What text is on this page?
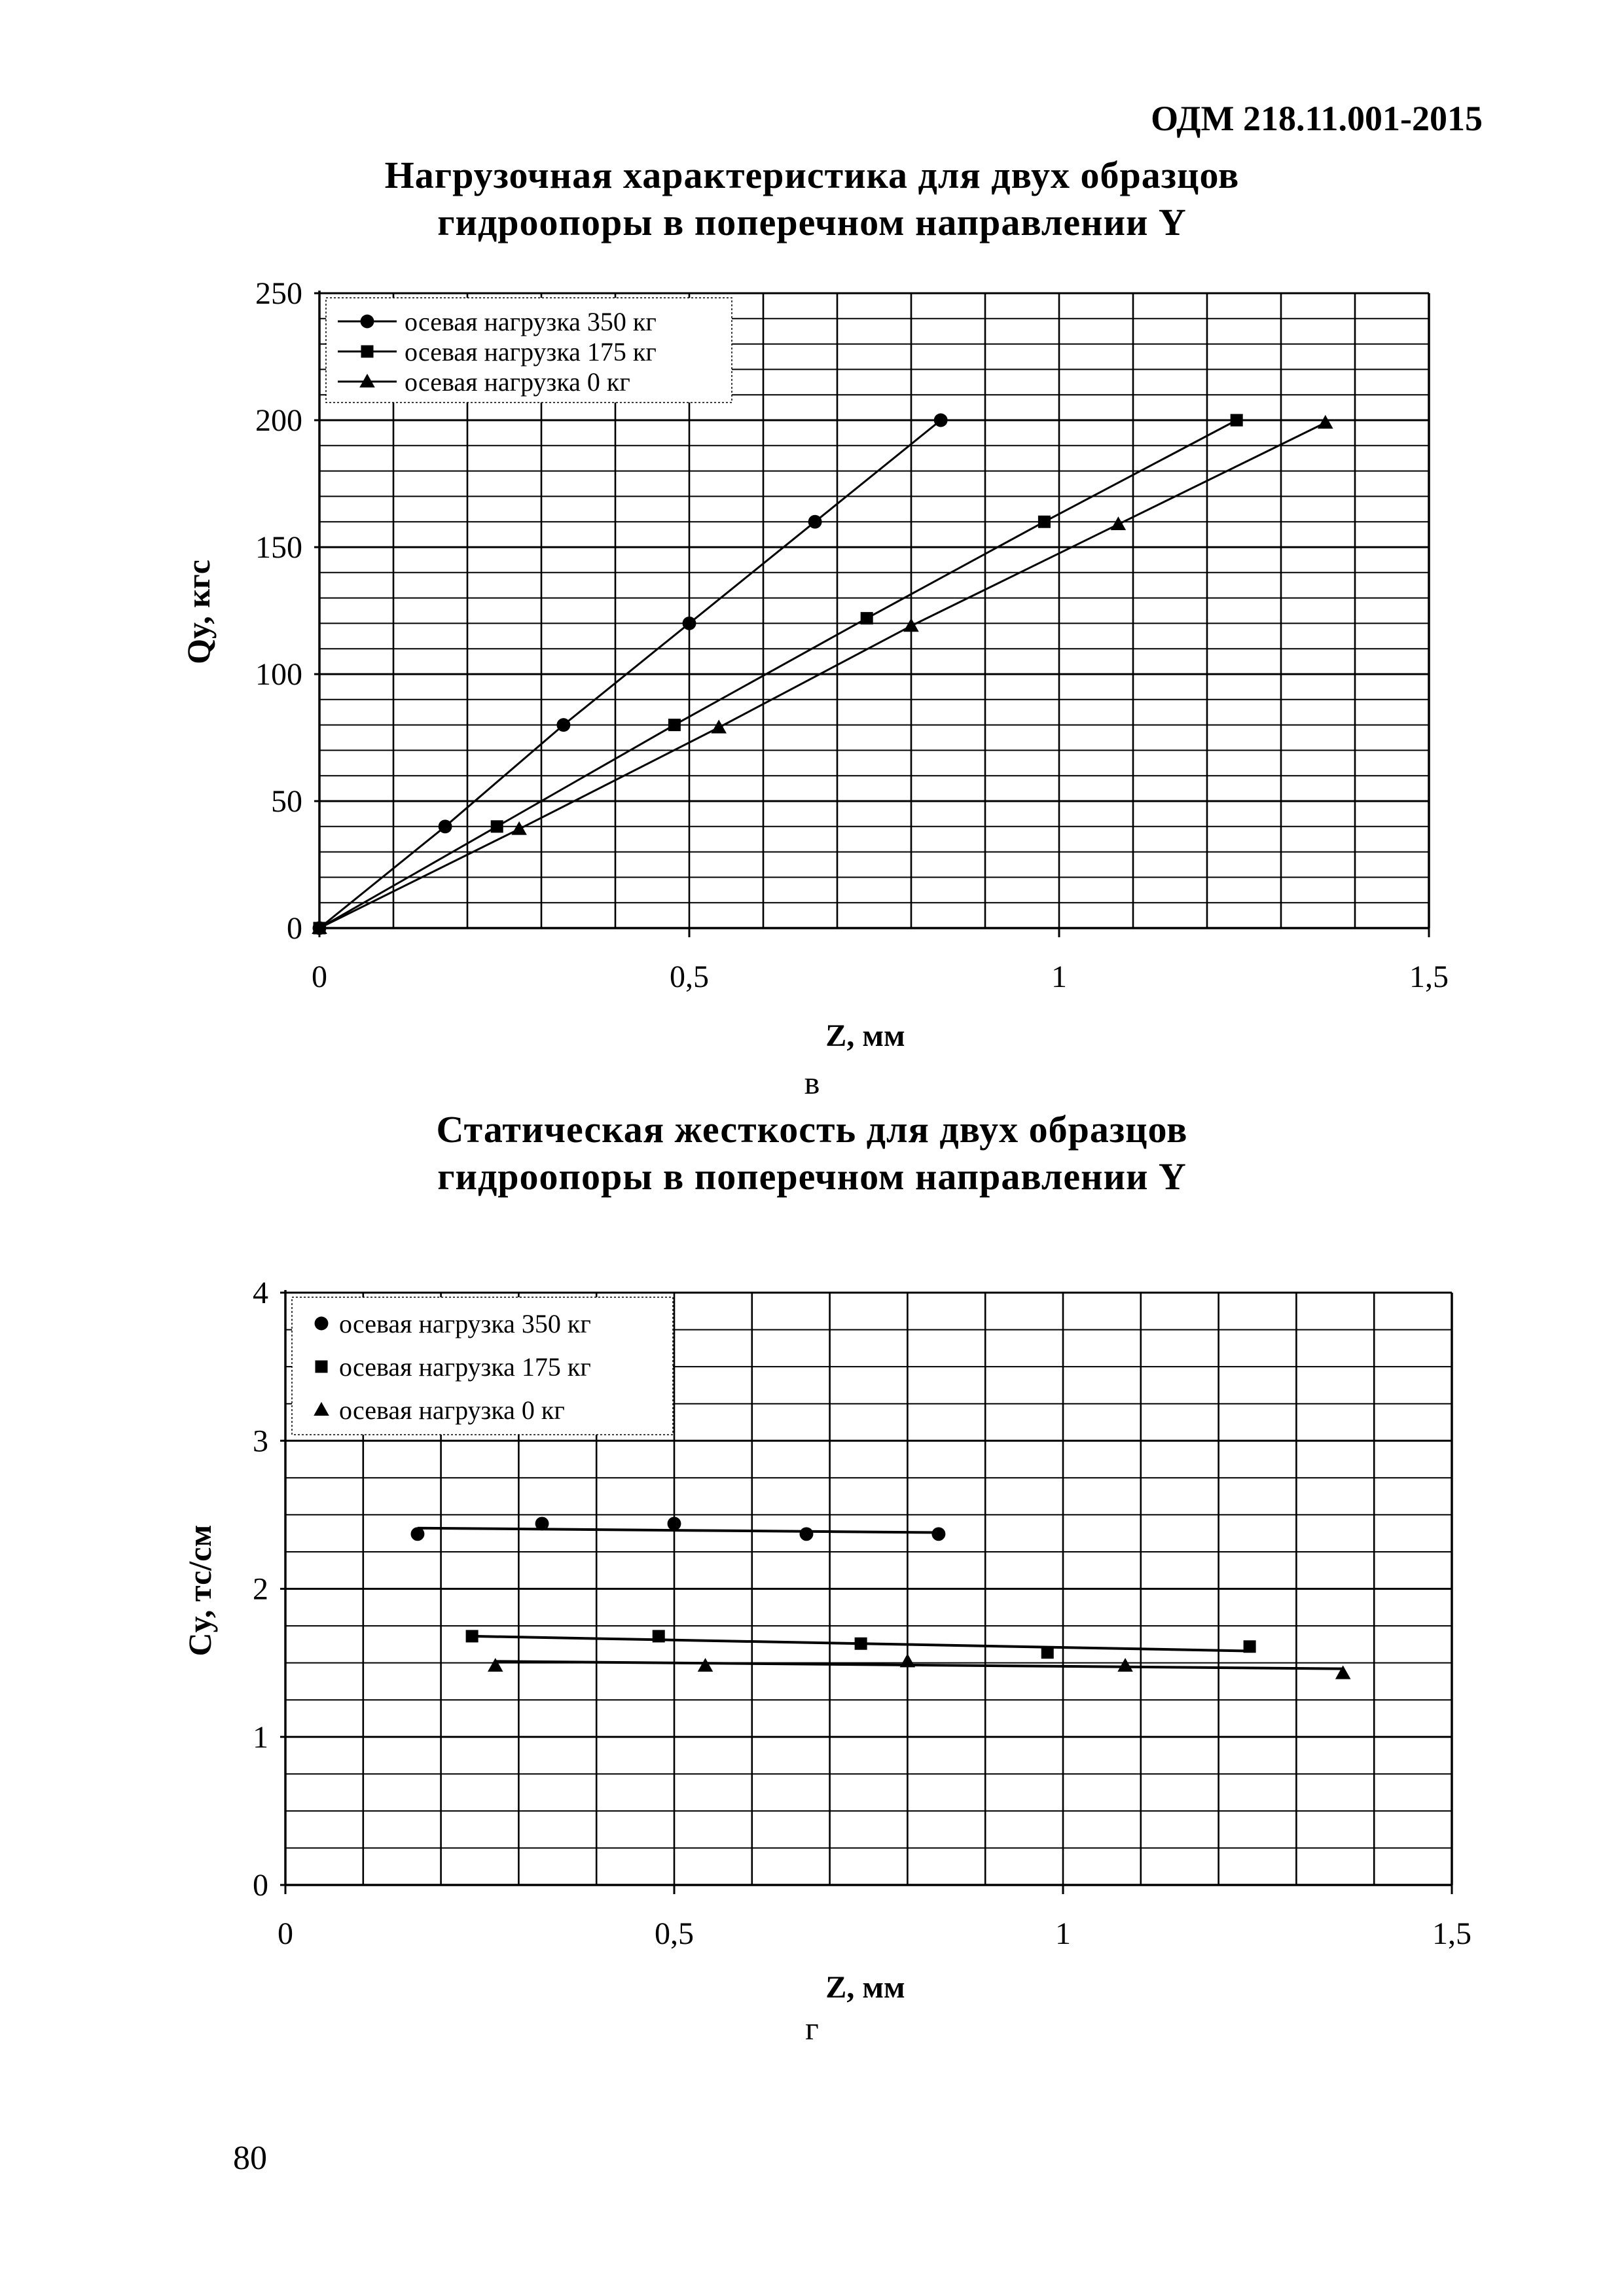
ОДМ 218.11.001-2015
Нагрузочная характеристика для двух образцов
гидроопоры в поперечном направлении Y
0	0,5	1	1,5
0
50
100
150
200
250
Z, мм
Qy, кгс
осевая нагрузка 350 кг
осевая нагрузка 175 кг
осевая нагрузка 0 кг
в
Статическая жесткость для двух образцов
гидроопоры в поперечном направлении Y
0	0,5	1	1,5
0
1
2
3
4
Z, мм
Cy, тс/см
осевая нагрузка 350 кг
осевая нагрузка 175 кг
осевая нагрузка 0 кг
г
80
